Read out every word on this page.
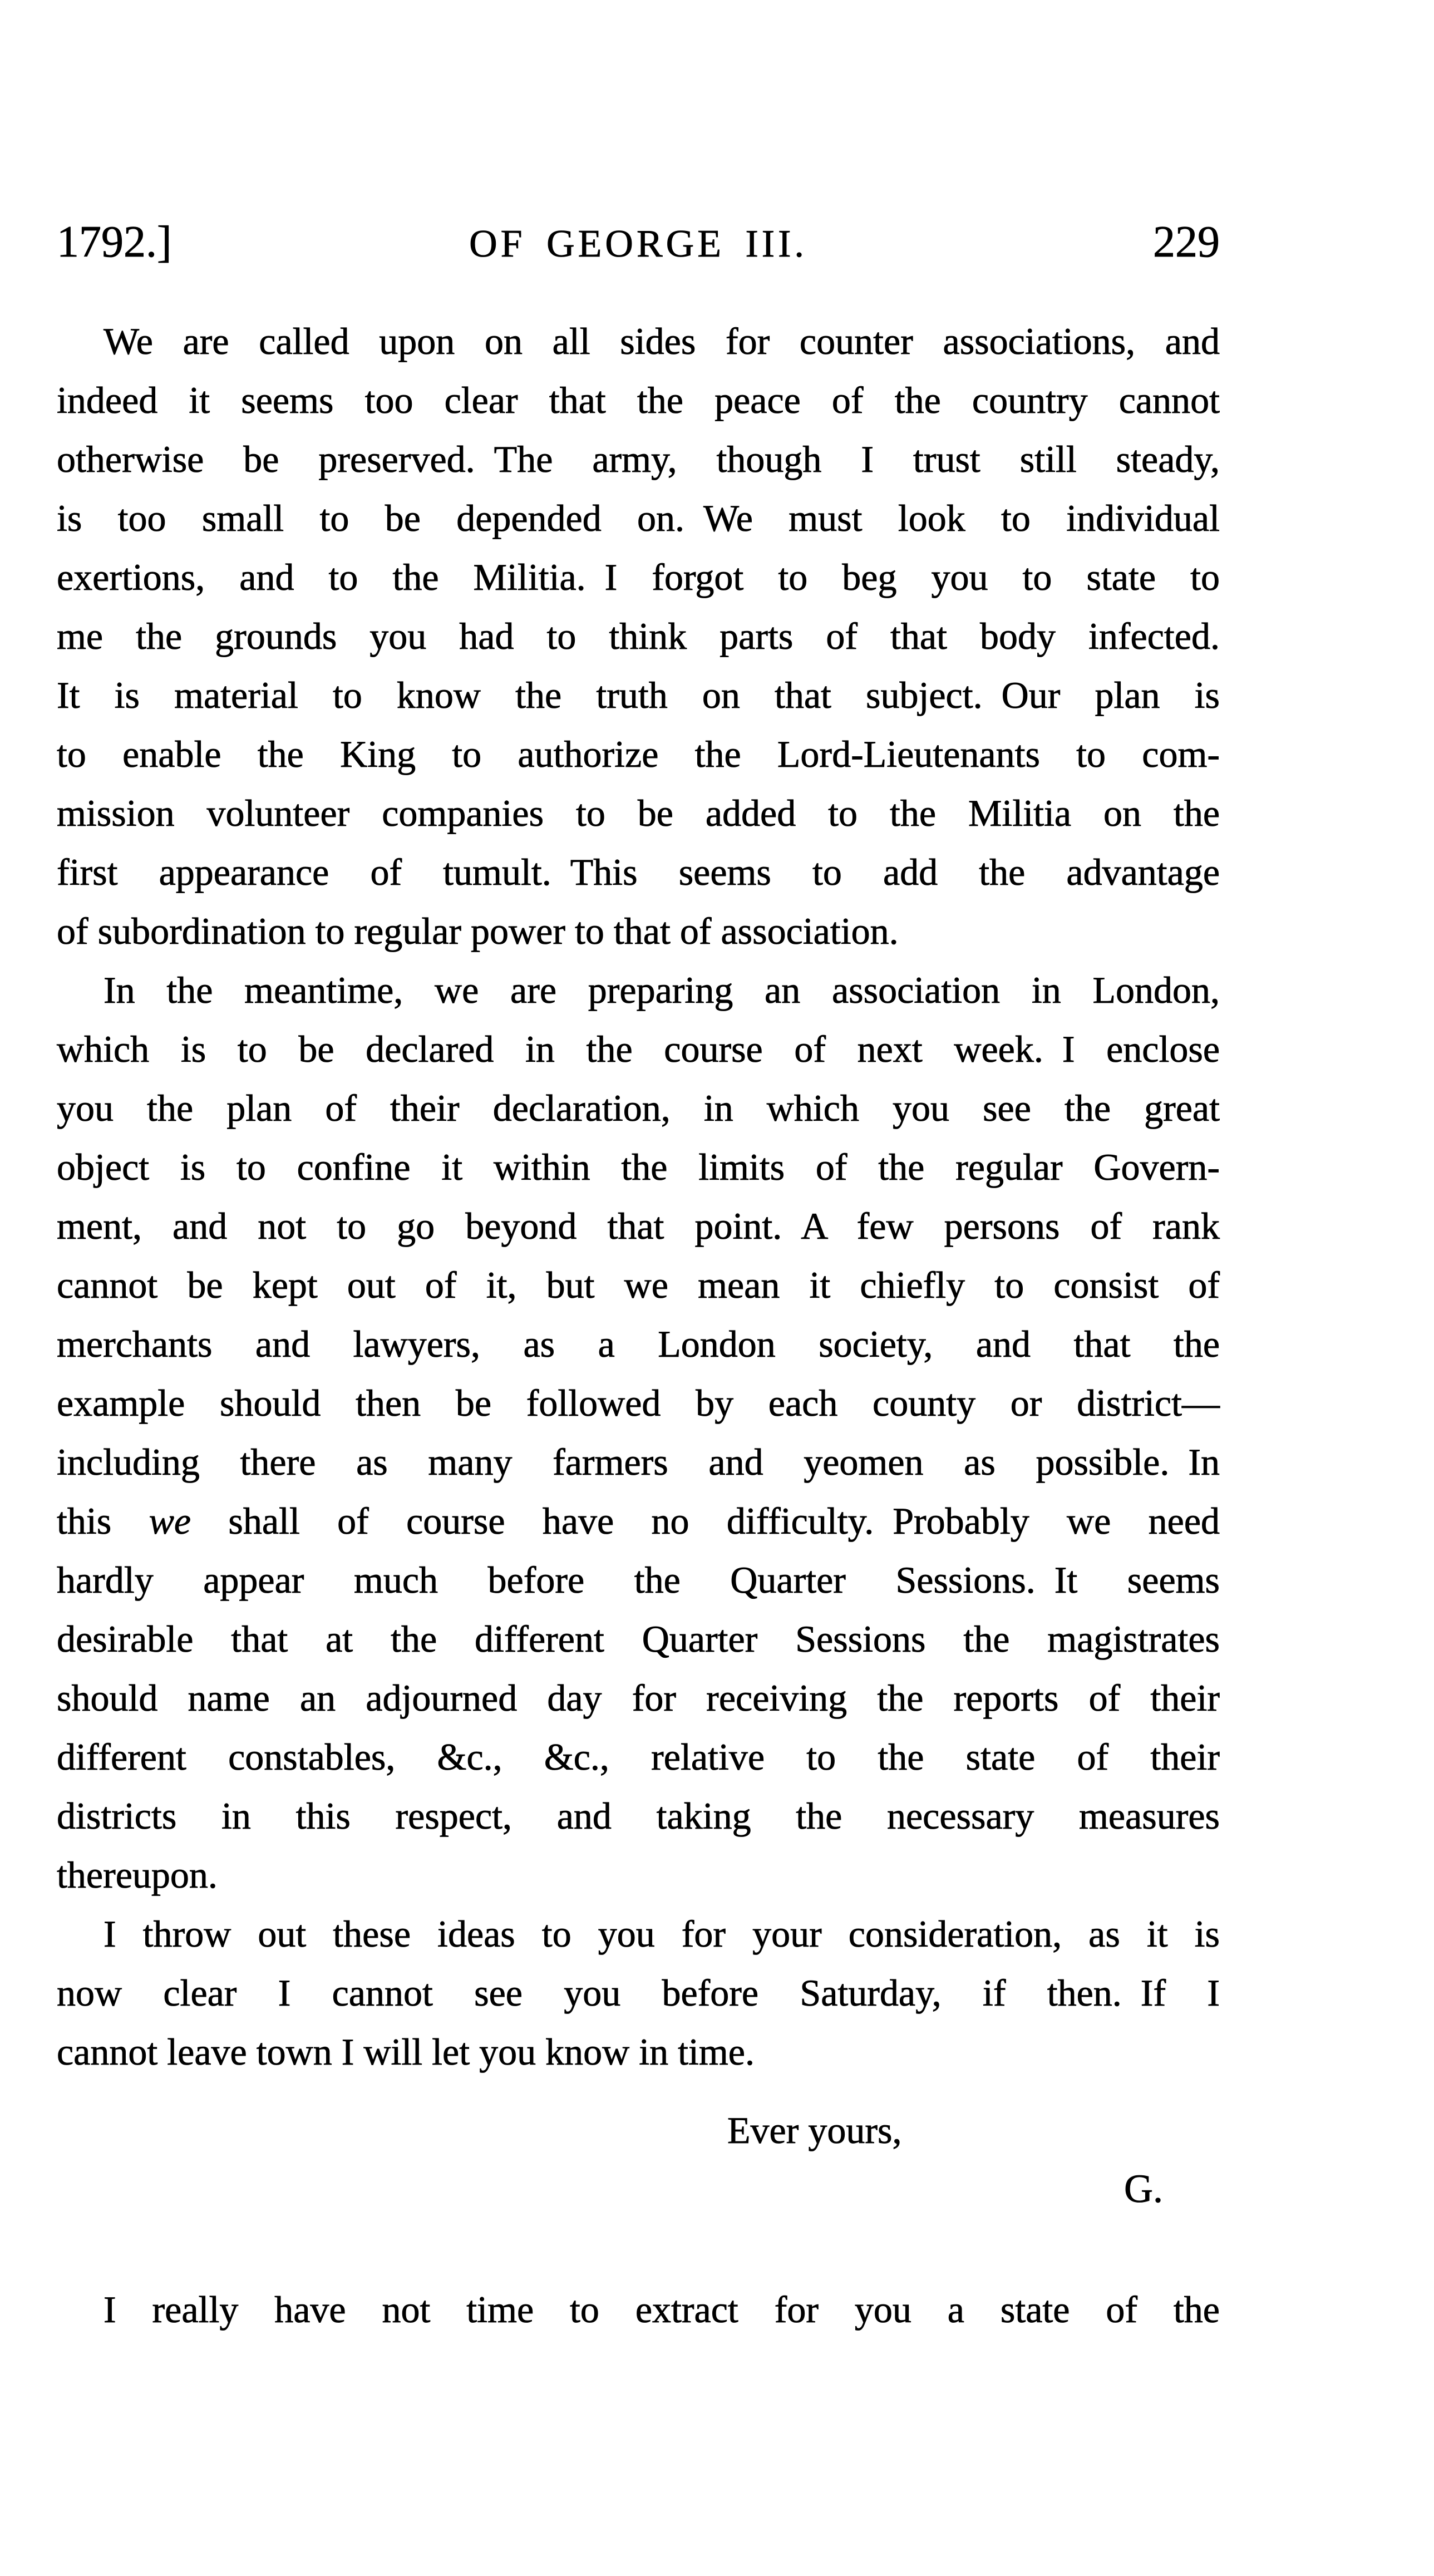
1792.]	OF GEORGE III.	229
We are called upon on all sides for counter associations, and
indeed it seems too clear that the peace of the country cannot
otherwise be preserved. The army, though I trust still steady,
is too small to be depended on. We must look to individual
exertions, and to the Militia. I forgot to beg you to state to
me the grounds you had to think parts of that body infected.
It is material to know the truth on that subject. Our plan is
to enable the King to authorize the Lord-Lieutenants to com-
mission volunteer companies to be added to the Militia on the
first appearance of tumult. This seems to add the advantage
of subordination to regular power to that of association.
In the meantime, we are preparing an association in London,
which is to be declared in the course of next week. I enclose
you the plan of their declaration, in which you see the great
object is to confine it within the limits of the regular Govern-
ment, and not to go beyond that point. A few persons of rank
cannot be kept out of it, but we mean it chiefly to consist of
merchants and lawyers, as a London society, and that the
example should then be followed by each county or district—
including there as many farmers and yeomen as possible. In
this we shall of course have no difficulty. Probably we need
hardly appear much before the Quarter Sessions. It seems
desirable that at the different Quarter Sessions the magistrates
should name an adjourned day for receiving the reports of their
different constables, &c., &c., relative to the state of their
districts in this respect, and taking the necessary measures
thereupon.
I throw out these ideas to you for your consideration, as it is
now clear I cannot see you before Saturday, if then. If I
cannot leave town I will let you know in time.
Ever yours,
G.
I really have not time to extract for you a state of the
